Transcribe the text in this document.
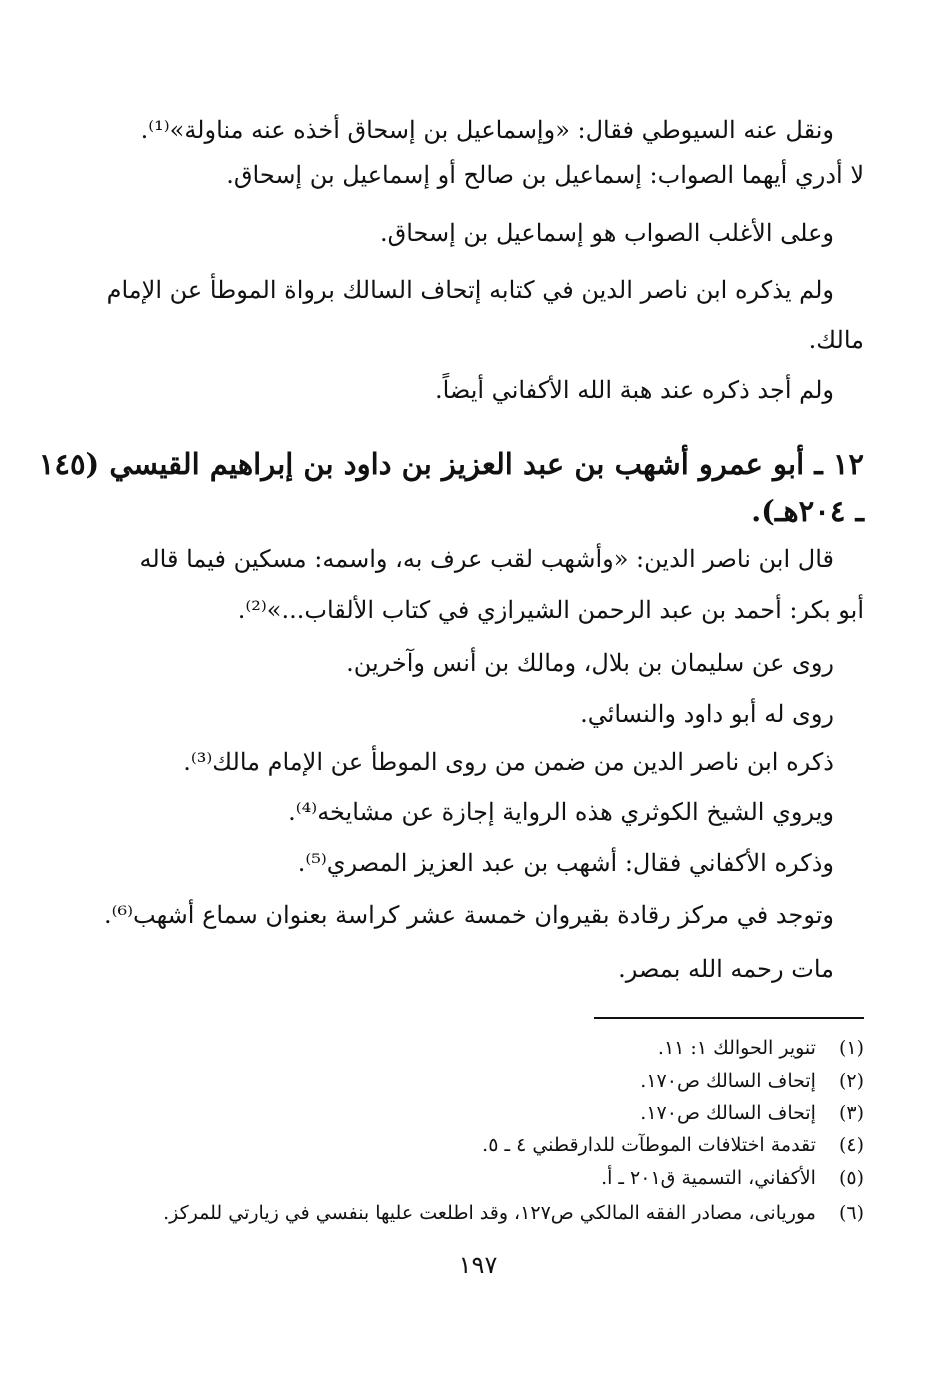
ونقل عنه السيوطي فقال: «وإسماعيل بن إسحاق أخذه عنه مناولة»⁽¹⁾.
لا أدري أيهما الصواب: إسماعيل بن صالح أو إسماعيل بن إسحاق.
وعلى الأغلب الصواب هو إسماعيل بن إسحاق.
ولم يذكره ابن ناصر الدين في كتابه إتحاف السالك برواة الموطأ عن الإمام
مالك.
ولم أجد ذكره عند هبة الله الأكفاني أيضاً.
١٢ ـ أبو عمرو أشهب بن عبد العزيز بن داود بن إبراهيم القيسي (١٤٥
ـ ٢٠٤هـ).
قال ابن ناصر الدين: «وأشهب لقب عرف به، واسمه: مسكين فيما قاله
أبو بكر: أحمد بن عبد الرحمن الشيرازي في كتاب الألقاب...»⁽²⁾.
روى عن سليمان بن بلال، ومالك بن أنس وآخرين.
روى له أبو داود والنسائي.
ذكره ابن ناصر الدين من ضمن من روى الموطأ عن الإمام مالك⁽³⁾.
ويروي الشيخ الكوثري هذه الرواية إجازة عن مشايخه⁽⁴⁾.
وذكره الأكفاني فقال: أشهب بن عبد العزيز المصري⁽⁵⁾.
وتوجد في مركز رقادة بقيروان خمسة عشر كراسة بعنوان سماع أشهب⁽⁶⁾.
مات رحمه الله بمصر.
(١) تنوير الحوالك ١: ١١.
(٢) إتحاف السالك ص١٧٠.
(٣) إتحاف السالك ص١٧٠.
(٤) تقدمة اختلافات الموطآت للدارقطني ٤ ـ ٥.
(٥) الأكفاني، التسمية ق٢٠١ ـ أ.
(٦) موريانى، مصادر الفقه المالكي ص١٢٧، وقد اطلعت عليها بنفسي في زيارتي للمركز.
١٩٧
